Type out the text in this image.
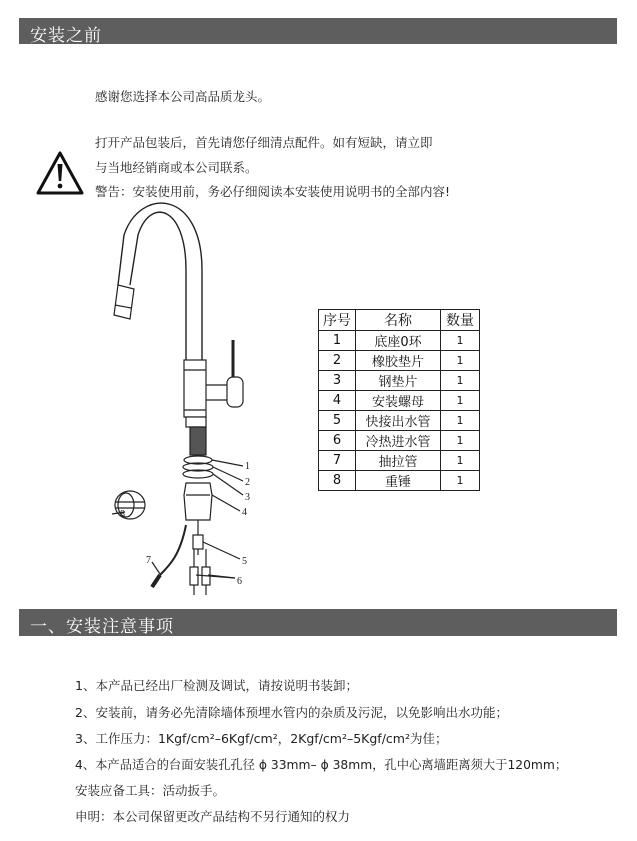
安装之前
感谢您选择本公司高品质龙头。
打开产品包装后，首先请您仔细清点配件。如有短缺，请立即
与当地经销商或本公司联系。
警告：安装使用前，务必仔细阅读本安装使用说明书的全部内容!
1
2
3
4
5
6
7
8
序号	名称	数量
1	底座0环	1
2	橡胶垫片	1
3	钢垫片	1
4	安装螺母	1
5	快接出水管	1
6	冷热进水管	1
7	抽拉管	1
8	重锤	1
一、安装注意事项
1、本产品已经出厂检测及调试，请按说明书装卸；
2、安装前，请务必先清除墙体预埋水管内的杂质及污泥，以免影响出水功能；
3、工作压力：1Kgf/cm²–6Kgf/cm²，2Kgf/cm²–5Kgf/cm²为佳；
4、本产品适合的台面安装孔孔径 ϕ 33mm– ϕ 38mm，孔中心离墙距离须大于120mm；
安装应备工具：活动扳手。
申明：本公司保留更改产品结构不另行通知的权力
